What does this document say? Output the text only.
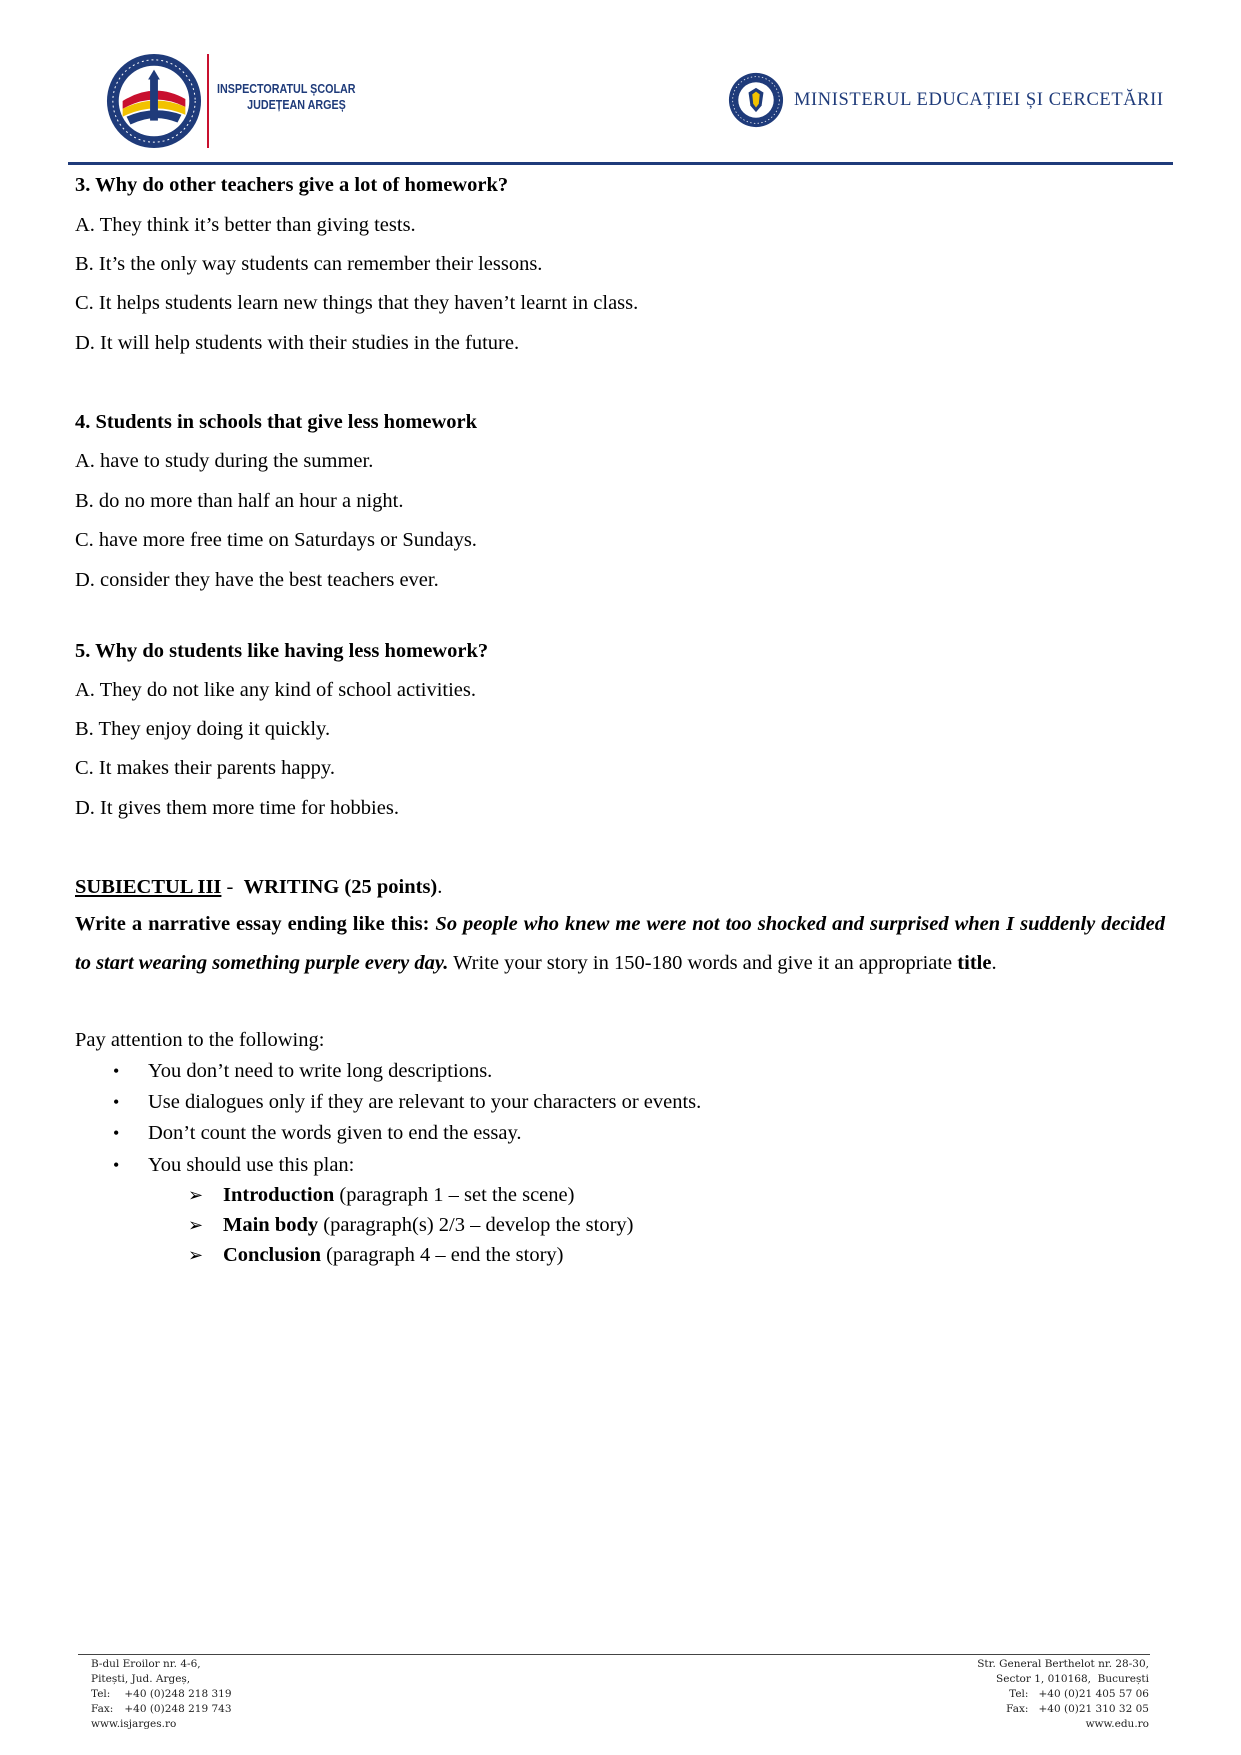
INSPECTORATUL ȘCOLAR
JUDEȚEAN ARGEȘ	MINISTERUL EDUCAȚIEI ȘI CERCETĂRII
3. Why do other teachers give a lot of homework?
A. They think it’s better than giving tests.
B. It’s the only way students can remember their lessons.
C. It helps students learn new things that they haven’t learnt in class.
D. It will help students with their studies in the future.
4. Students in schools that give less homework
A. have to study during the summer.
B. do no more than half an hour a night.
C. have more free time on Saturdays or Sundays.
D. consider they have the best teachers ever.
5. Why do students like having less homework?
A. They do not like any kind of school activities.
B. They enjoy doing it quickly.
C. It makes their parents happy.
D. It gives them more time for hobbies.
SUBIECTUL III -  WRITING (25 points).
Write a narrative essay ending like this: So people who knew me were not too shocked and surprised when I suddenly decided to start wearing something purple every day. Write your story in 150-180 words and give it an appropriate title.
Pay attention to the following:
• You don’t need to write long descriptions.
• Use dialogues only if they are relevant to your characters or events.
• Don’t count the words given to end the essay.
• You should use this plan:
➢ Introduction (paragraph 1 – set the scene)
➢ Main body (paragraph(s) 2/3 – develop the story)
➢ Conclusion (paragraph 4 – end the story)
B-dul Eroilor nr. 4-6,
Pitești, Jud. Argeș,
Tel: +40 (0)248 218 319
Fax: +40 (0)248 219 743
www.isjarges.ro
Str. General Berthelot nr. 28-30,
Sector 1, 010168,  București
Tel: +40 (0)21 405 57 06
Fax: +40 (0)21 310 32 05
www.edu.ro
